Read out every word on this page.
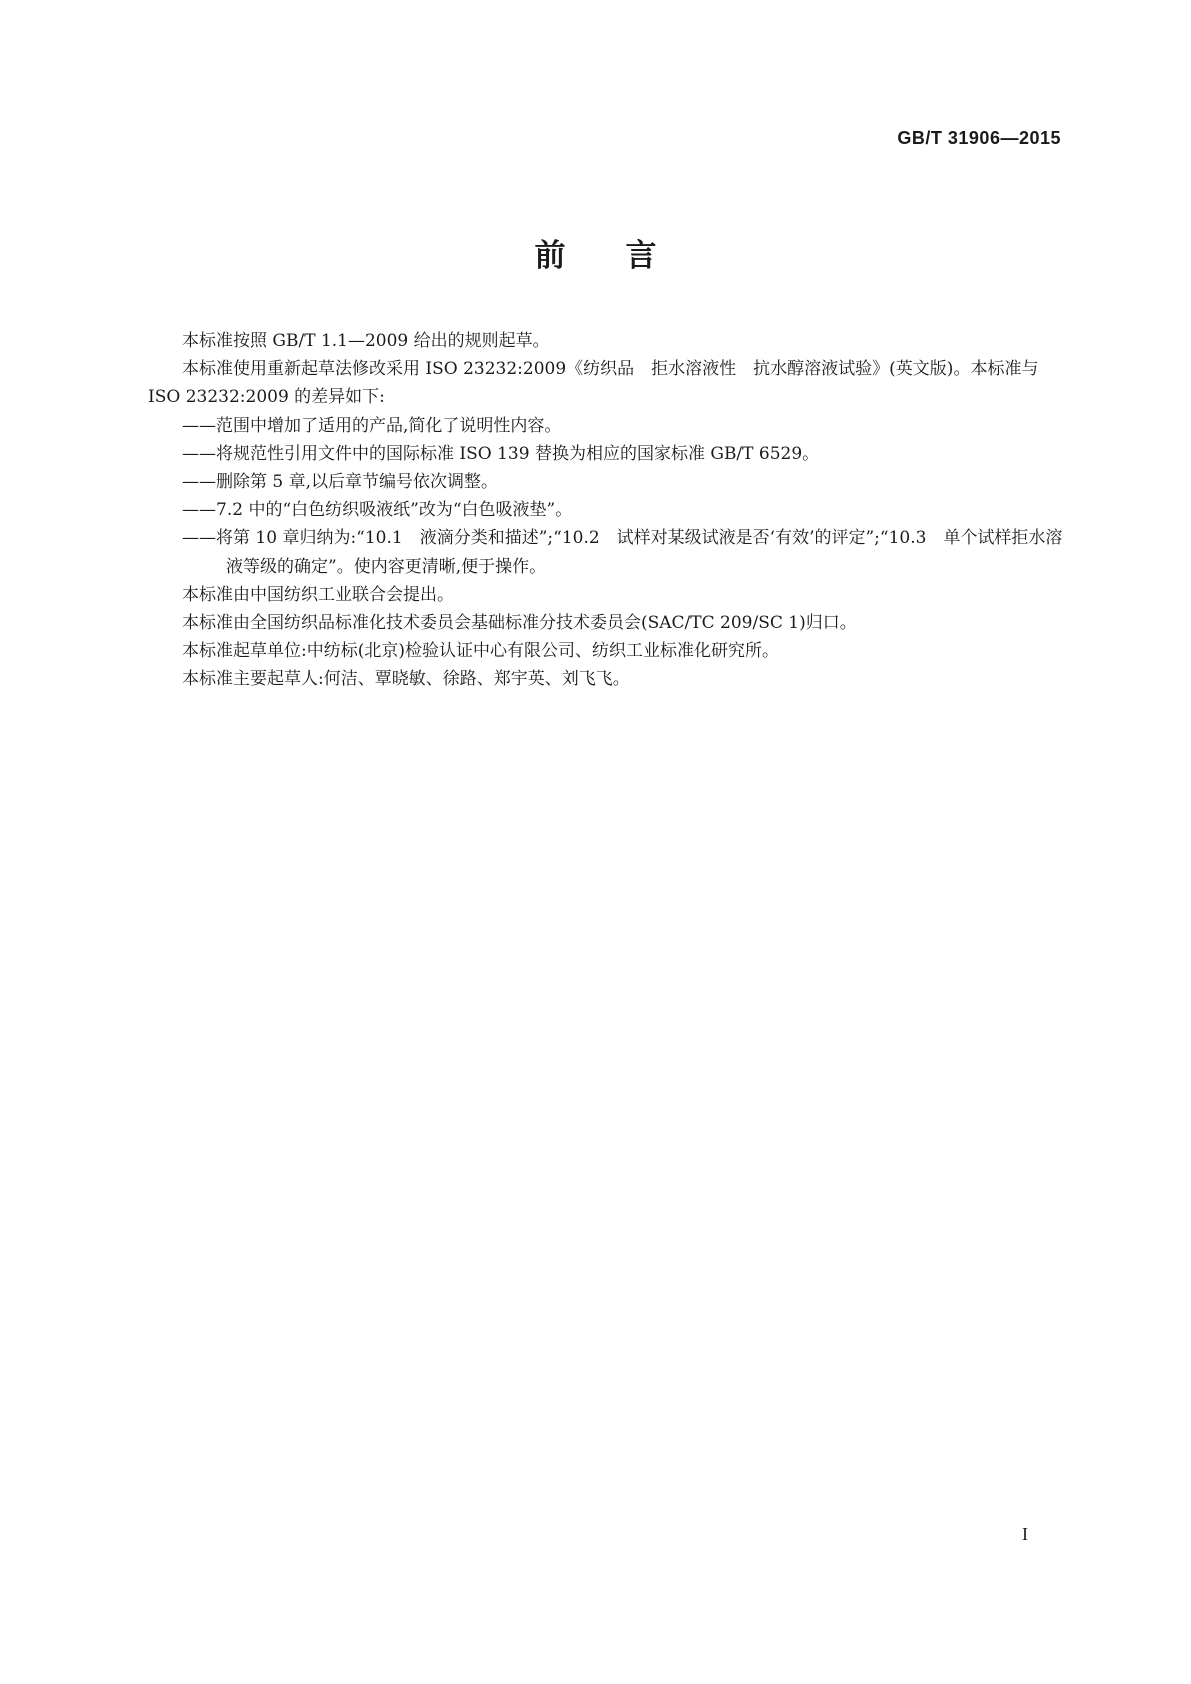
GB/T 31906—2015
前言

本标准按照 GB/T 1.1—2009 给出的规则起草。

本标准使用重新起草法修改采用 ISO 23232:2009《纺织品　拒水溶液性　抗水醇溶液试验》(英文版)。本标准与 ISO 23232:2009 的差异如下:

——范围中增加了适用的产品,简化了说明性内容。

——将规范性引用文件中的国际标准 ISO 139 替换为相应的国家标准 GB/T 6529。

——删除第 5 章,以后章节编号依次调整。

——7.2 中的“白色纺织吸液纸”改为“白色吸液垫”。

——将第 10 章归纳为:“10.1　液滴分类和描述”;“10.2　试样对某级试液是否‘有效’的评定”;“10.3　单个试样拒水溶液等级的确定”。使内容更清晰,便于操作。

本标准由中国纺织工业联合会提出。

本标准由全国纺织品标准化技术委员会基础标准分技术委员会(SAC/TC 209/SC 1)归口。

本标准起草单位:中纺标(北京)检验认证中心有限公司、纺织工业标准化研究所。

本标准主要起草人:何洁、覃晓敏、徐路、郑宇英、刘飞飞。

I
